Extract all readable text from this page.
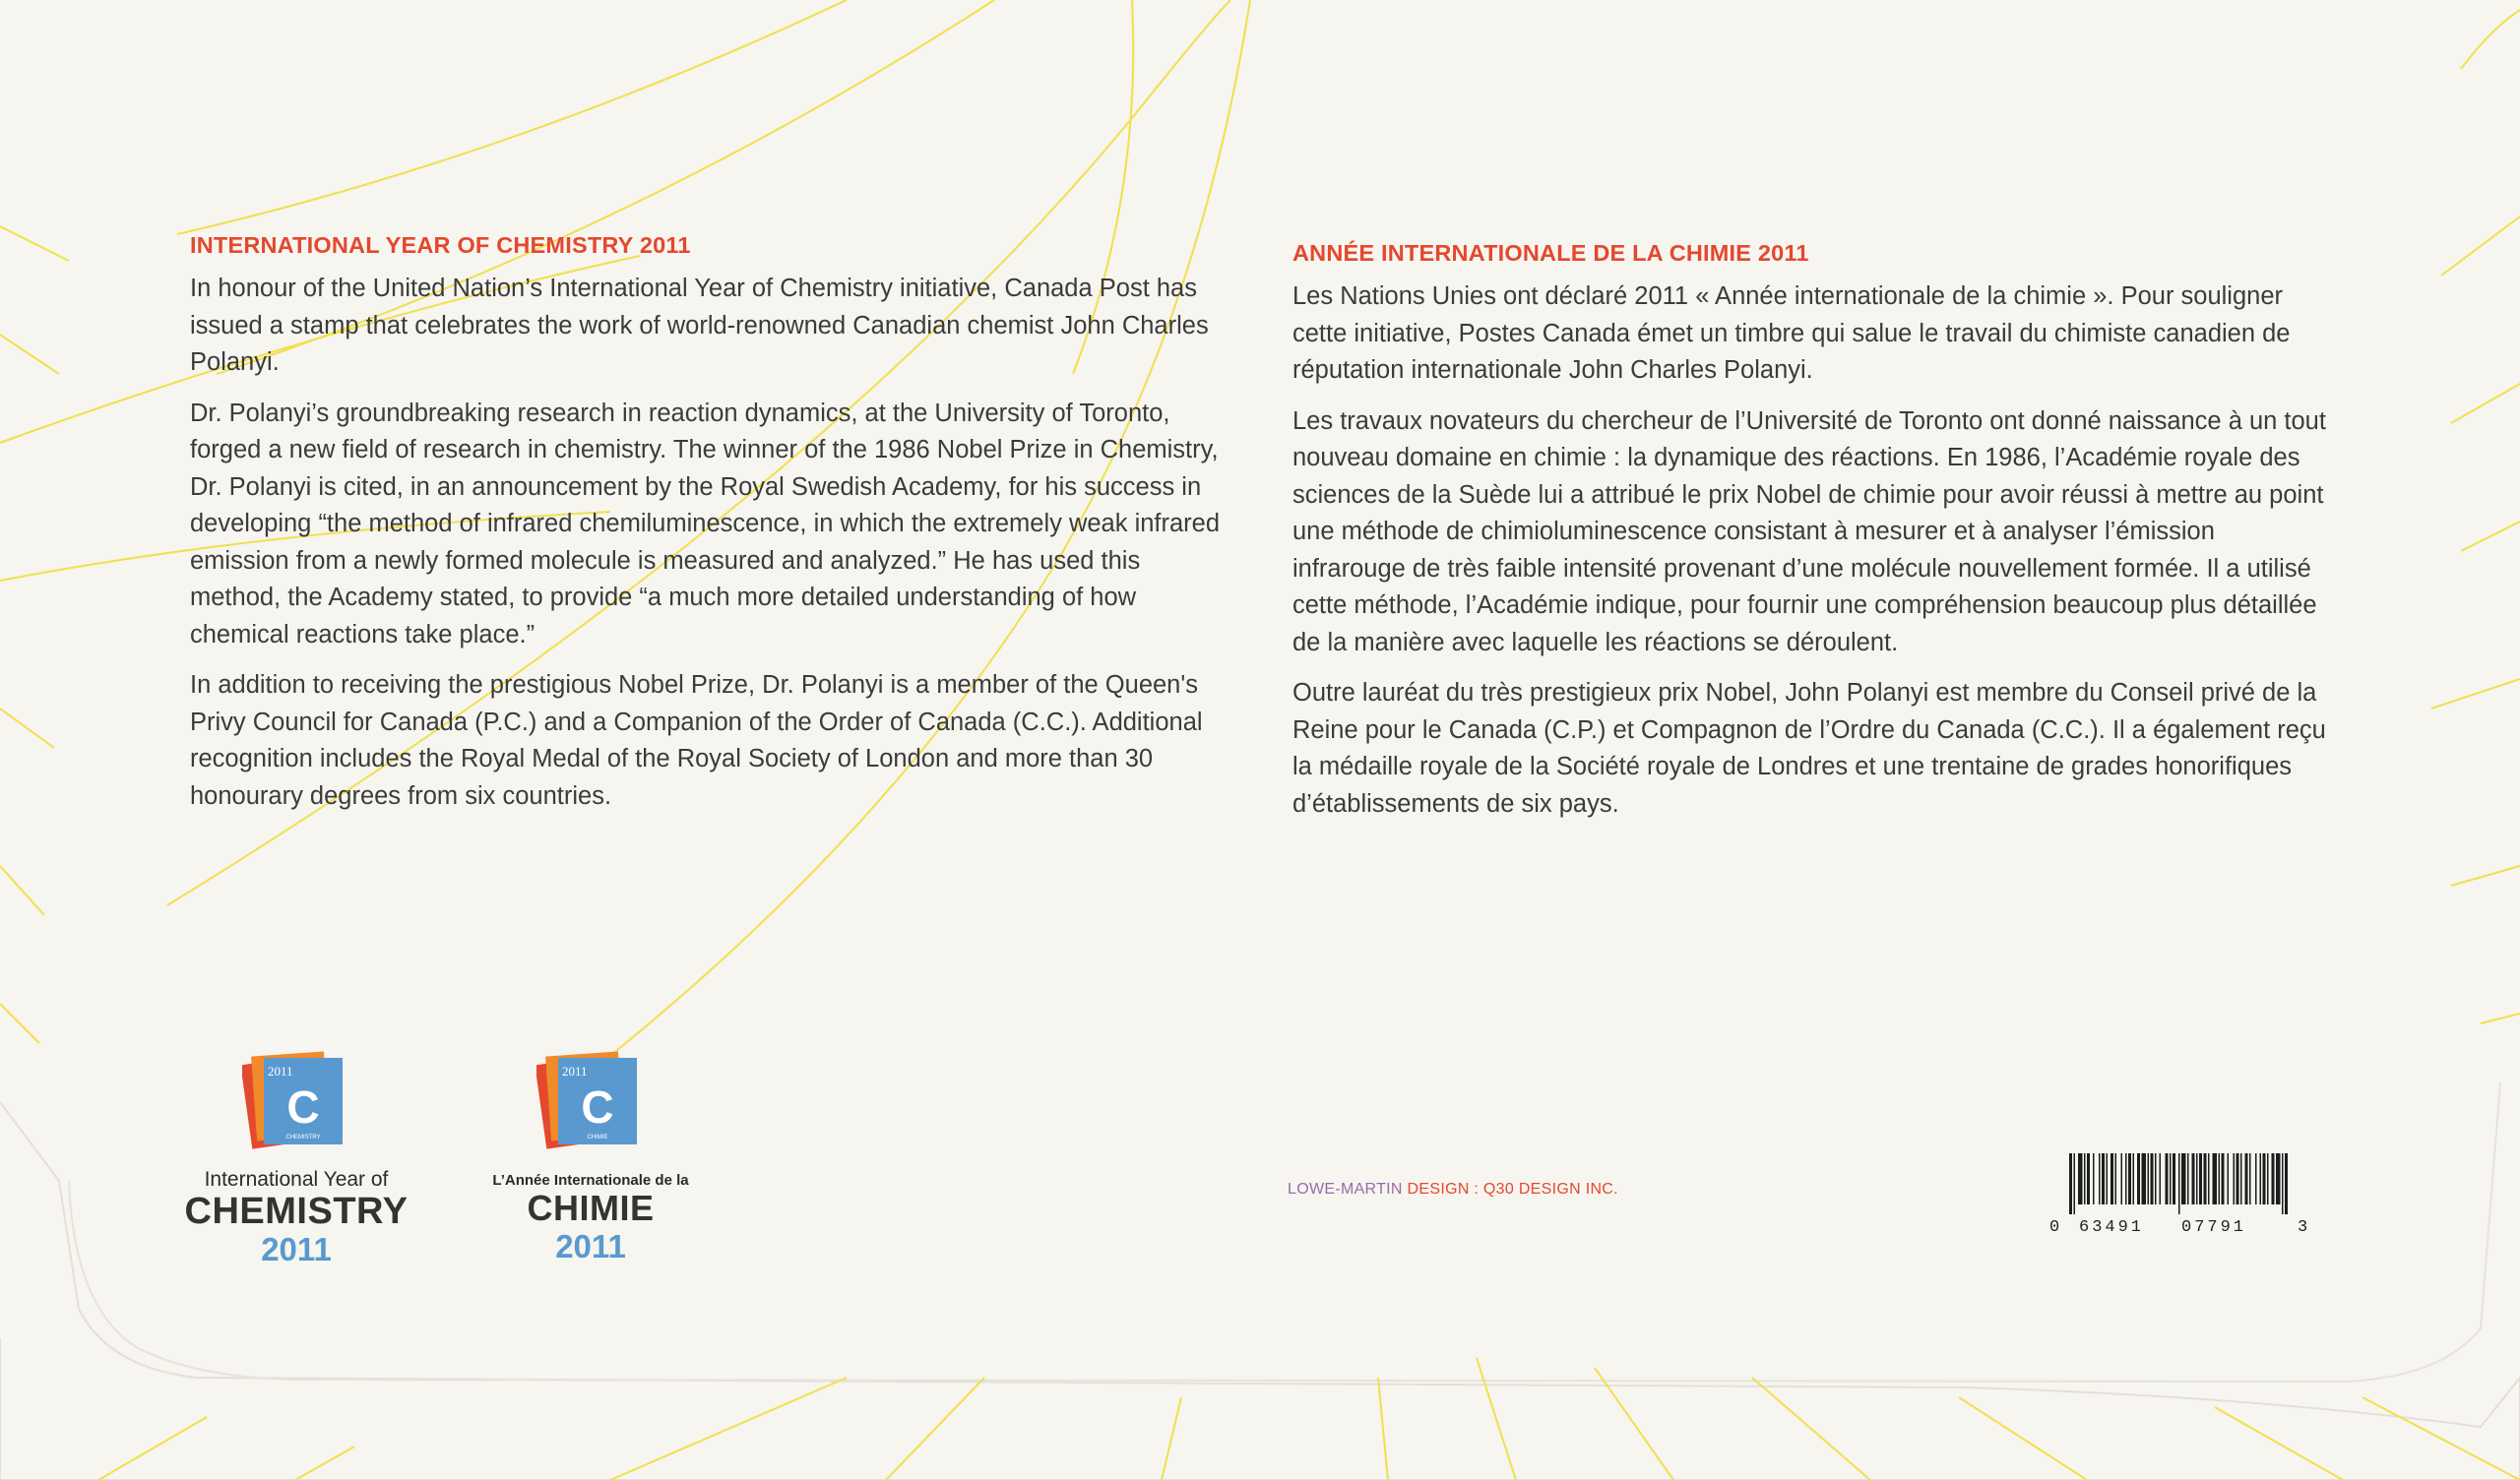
INTERNATIONAL YEAR OF CHEMISTRY 2011

In honour of the United Nation’s International Year of Chemistry initiative, Canada Post has issued a stamp that celebrates the work of world-renowned Canadian chemist John Charles Polanyi.

Dr. Polanyi’s groundbreaking research in reaction dynamics, at the University of Toronto, forged a new field of research in chemistry. The winner of the 1986 Nobel Prize in Chemistry, Dr. Polanyi is cited, in an announcement by the Royal Swedish Academy, for his success in developing “the method of infrared chemiluminescence, in which the extremely weak infrared emission from a newly formed molecule is measured and analyzed.” He has used this method, the Academy stated, to provide “a much more detailed understanding of how chemical reactions take place.”

In addition to receiving the prestigious Nobel Prize, Dr. Polanyi is a member of the Queen's Privy Council for Canada (P.C.) and a Companion of the Order of Canada (C.C.). Additional recognition includes the Royal Medal of the Royal Society of London and more than 30 honourary degrees from six countries.

ANNÉE INTERNATIONALE DE LA CHIMIE 2011

Les Nations Unies ont déclaré 2011 « Année internationale de la chimie ». Pour souligner cette initiative, Postes Canada émet un timbre qui salue le travail du chimiste canadien de réputation internationale John Charles Polanyi.

Les travaux novateurs du chercheur de l’Université de Toronto ont donné naissance à un tout nouveau domaine en chimie : la dynamique des réactions. En 1986, l’Académie royale des sciences de la Suède lui a attribué le prix Nobel de chimie pour avoir réussi à mettre au point une méthode de chimioluminescence consistant à mesurer et à analyser l’émission infrarouge de très faible intensité provenant d’une molécule nouvellement formée. Il a utilisé cette méthode, l’Académie indique, pour fournir une compréhension beaucoup plus détaillée de la manière avec laquelle les réactions se déroulent.

Outre lauréat du très prestigieux prix Nobel, John Polanyi est membre du Conseil privé de la Reine pour le Canada (C.P.) et Compagnon de l’Ordre du Canada (C.C.). Il a également reçu la médaille royale de la Société royale de Londres et une trentaine de grades honorifiques d’établissements de six pays.

2011
C
CHEMISTRY
International Year of
CHEMISTRY
2011
2011
C
CHIMIE
L’Année Internationale de la
CHIMIE
2011
LOWE-MARTIN DESIGN : Q30 DESIGN INC.
0 63491 07791	3
